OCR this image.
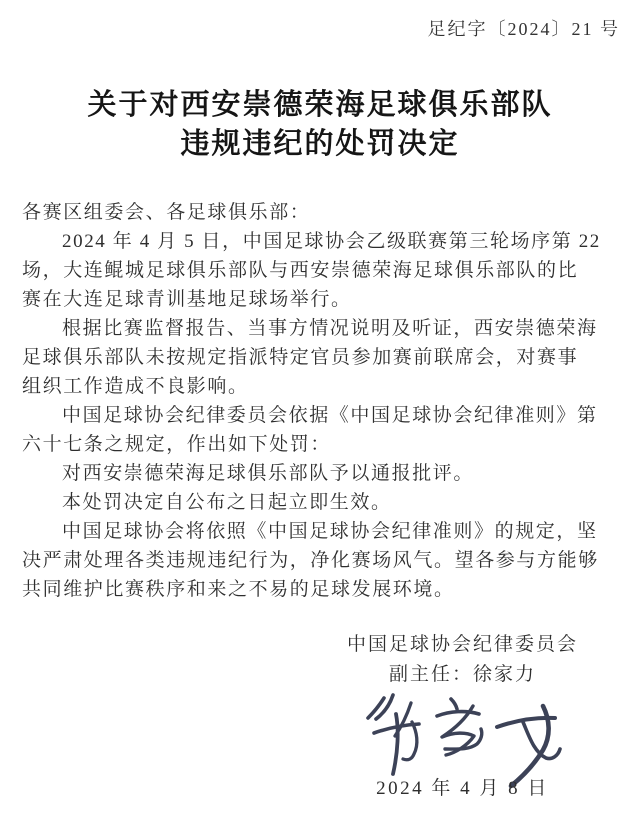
足纪字〔2024〕21 号
关于对西安崇德荣海足球俱乐部队
违规违纪的处罚决定
各赛区组委会、各足球俱乐部：
2024 年 4 月 5 日，中国足球协会乙级联赛第三轮场序第 22
场，大连鲲城足球俱乐部队与西安崇德荣海足球俱乐部队的比
赛在大连足球青训基地足球场举行。
根据比赛监督报告、当事方情况说明及听证，西安崇德荣海
足球俱乐部队未按规定指派特定官员参加赛前联席会，对赛事
组织工作造成不良影响。
中国足球协会纪律委员会依据《中国足球协会纪律准则》第
六十七条之规定，作出如下处罚：
对西安崇德荣海足球俱乐部队予以通报批评。
本处罚决定自公布之日起立即生效。
中国足球协会将依照《中国足球协会纪律准则》的规定，坚
决严肃处理各类违规违纪行为，净化赛场风气。望各参与方能够
共同维护比赛秩序和来之不易的足球发展环境。
中国足球协会纪律委员会
副主任：徐家力
2024 年 4 月 8 日
